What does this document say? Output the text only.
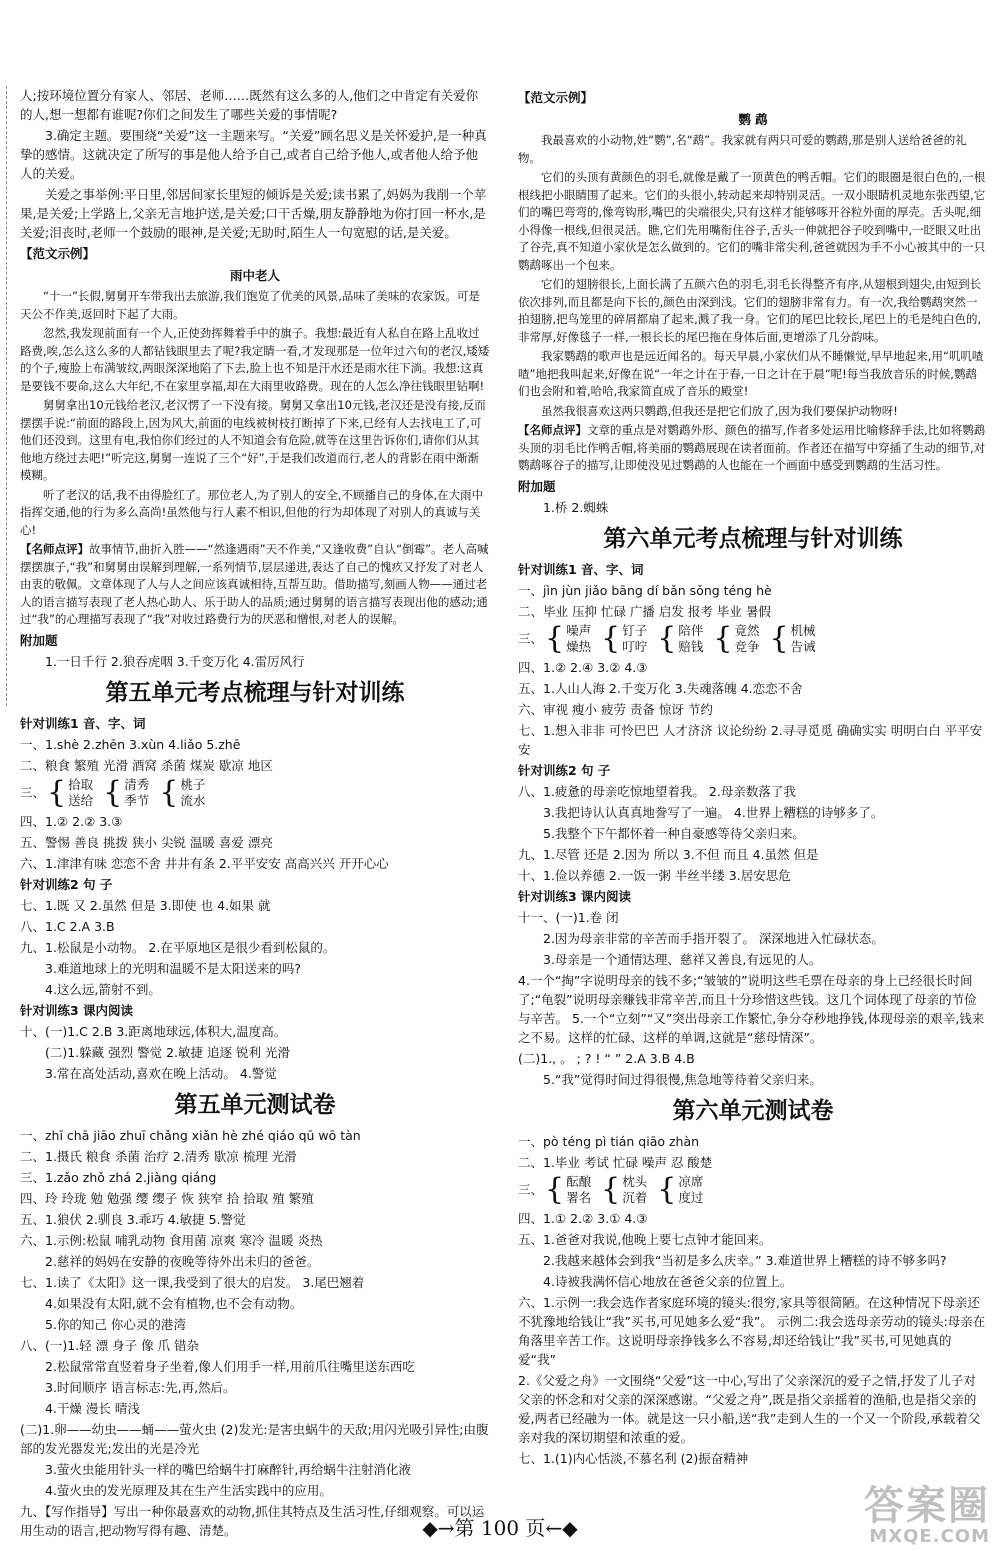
人;按环境位置分有家人、邻居、老师……既然有这么多的人,他们之中肯定有关爱你的人,想一想都有谁呢?你们之间发生了哪些关爱的事情呢?

3.确定主题。要围绕“关爱”这一主题来写。“关爱”顾名思义是关怀爱护,是一种真挚的感情。这就决定了所写的事是他人给予自己,或者自己给予他人,或者他人给予他人的关爱。

关爱之事举例:平日里,邻居间家长里短的倾诉是关爱;读书累了,妈妈为我削一个苹果,是关爱;上学路上,父亲无言地护送,是关爱;口干舌燥,朋友静静地为你打回一杯水,是关爱;泪丧时,老师一个鼓励的眼神,是关爱;无助时,陌生人一句宽慰的话,是关爱。

【范文示例】
雨中老人

“十一”长假,舅舅开车带我出去旅游,我们饱览了优美的风景,品味了美味的农家饭。可是天公不作美,返回时下起了大雨。

忽然,我发现前面有一个人,正使劲挥舞着手中的旗子。我想:最近有人私自在路上乱收过路费,唉,怎么这么多的人都钻钱眼里去了呢?我定睛一看,才发现那是一位年过六旬的老汉,矮矮的个子,瘦脸上布满皱纹,两眼深深地陷了下去,脸上也不知是汗水还是雨水往下淌。我想:这真是要钱不要命,这么大年纪,不在家里享福,却在大雨里收路费。现在的人怎么净往钱眼里钻啊!

舅舅拿出10元钱给老汉,老汉愣了一下没有接。舅舅又拿出10元钱,老汉还是没有接,反而摆摆手说:“前面的路段上,因为风大,前面的电线被树枝打断掉了下来,已经有人去找电工了,可他们还没到。这里有电,我怕你们经过的人不知道会有危险,就等在这里告诉你们,请你们从其他地方绕过去吧!”听完这,舅舅一连说了三个“好”,于是我们改道而行,老人的背影在雨中渐渐模糊。

听了老汉的话,我不由得脸红了。那位老人,为了别人的安全,不顾播自己的身体,在大雨中指挥交通,他的行为多么高尚!虽然他与行人素不相识,但他的行为却体现了对别人的真诚与关心!

【名师点评】故事情节,曲折入胜——“然逢遇雨”天不作美,“又逢收费”自认“倒霉”。老人高喊摆摆旗子,“我”和舅舅由误解到理解,一系列情节,层层递进,表达了自己的愧疚又抒发了对老人由衷的敬佩。文章体现了人与人之间应该真诚相待,互帮互助。借助描写,刻画人物——通过老人的语言描写表现了老人热心助人、乐于助人的品质;通过舅舅的语言描写表现出他的感动;通过“我”的心理描写表现了“我”对收过路费行为的厌恶和憎恨,对老人的误解。

附加题
1.一日千行 2.狼吞虎咽 3.千变万化 4.雷厉风行
第五单元考点梳理与针对训练
针对训练1 音、字、词
一、1.shè 2.zhēn 3.xùn 4.liǎo 5.zhē
二、粮食 繁殖 光滑 酒窝 杀菌 煤炭 歇凉 地区
三、 { 拾取
送给 { 清秀
季节 { 桃子
流水
四、1.② 2.② 3.③
五、警惕 善良 挑拨 狭小 尖锐 温暖 喜爱 漂亮
六、1.津津有味 恋恋不舍 井井有条 2.平平安安 高高兴兴 开开心心
针对训练2 句 子
七、1.既 又 2.虽然 但是 3.即使 也 4.如果 就
八、1.C 2.A 3.B
九、1.松鼠是小动物。 2.在平原地区是很少看到松鼠的。
3.难道地球上的光明和温暖不是太阳送来的吗?
4.这么远,箭射不到。
针对训练3 课内阅读
十、(一)1.C 2.B 3.距离地球远,体积大,温度高。
(二)1.躲藏 强烈 警觉 2.敏捷 追逐 锐利 光滑
3.常在高处活动,喜欢在晚上活动。 4.警觉
第五单元测试卷
一、zhī chā jiāo zhuī chǎng xiǎn hè zhé qiáo qū wō tàn
二、1.摄氏 粮食 杀菌 治疗 2.清秀 歇凉 梳理 光滑
三、1.zǎo zhǒ zhá 2.jiàng qiáng
四、玲 玲珑 勉 勉强 缨 缨子 恢 狭窄 拾 拾取 殖 繁殖
五、1.狼伏 2.驯良 3.乖巧 4.敏捷 5.警觉
六、1.示例:松鼠 哺乳动物 食用菌 凉爽 寒冷 温暖 炎热
2.慈祥的妈妈在安静的夜晚等待外出未归的爸爸。
七、1.读了《太阳》这一课,我受到了很大的启发。 3.尾巴翘着
4.如果没有太阳,就不会有植物,也不会有动物。
5.你的知己 你心灵的港湾
八、(一)1.轻 漂 身子 像 爪 错杂
2.松鼠常常直竖着身子坐着,像人们用手一样,用前爪往嘴里送东西吃
3.时间顺序 语言标志:先,再,然后。
4.干燥 漫长 晴浅
(二)1.卵——幼虫——蛹——萤火虫 (2)发光:是害虫蜗牛的天敌;用闪光吸引异性;由腹部的发光器发光;发出的光是冷光
3.萤火虫能用针头一样的嘴巴给蜗牛打麻醉针,再给蜗牛注射消化液
4.萤火虫的发光原理及其在生产生活实践中的应用。
九、【写作指导】写出一种你最喜欢的动物,抓住其特点及生活习性,仔细观察。可以运用生动的语言,把动物写得有趣、清楚。
【范文示例】
鹦 鹉

我最喜欢的小动物,姓“鹦”,名“鹉”。我家就有两只可爱的鹦鹉,那是别人送给爸爸的礼物。

它们的头顶有黄颜色的羽毛,就像是戴了一顶黄色的鸭舌帽。它们的眼圈是很白色的,一根根线把小眼睛围了起来。它们的头很小,转动起来却特别灵活。一双小眼睛机灵地东张西望,它们的嘴巴弯弯的,像弯钩形,嘴巴的尖端很尖,只有这样才能够啄开谷粒外面的厚壳。舌头呢,细小得像一根线,但很灵活。瞧,它们先用嘴衔住谷子,舌头一伸就把谷子咬到嘴中,一眨眼又吐出了谷壳,真不知道小家伙是怎么做到的。它们的嘴非常尖利,爸爸就因为手不小心被其中的一只鹦鹉啄出一个包来。

它们的翅膀很长,上面长满了五颜六色的羽毛,羽毛长得整齐有序,从翅根到翅尖,由短到长依次排列,而且都是向下长的,颜色由深到浅。它们的翅膀非常有力。有一次,我给鹦鹉突然一拍翅膀,把鸟笼里的碎屑都扇了起来,溅了我一身。它们的尾巴比较长,尾巴上的毛是纯白色的,非常厚,好像毯子一样,一根长长的尾巴拖在身体后面,更增添了几分韵味。

我家鹦鹉的歌声也是远近闻名的。每天早晨,小家伙们从不睡懒觉,早早地起来,用“叽叽喳喳”地把我叫起来,好像在说“一年之计在于春,一日之计在于晨”呢!每当我放音乐的时候,鹦鹉们也会附和着,哈哈,我家简直成了音乐的殿堂!

虽然我很喜欢这两只鹦鹉,但我还是把它们放了,因为我们要保护动物呀!

【名师点评】文章的重点是对鹦鹉外形、颜色的描写,作者多处运用比喻修辞手法,比如将鹦鹉头顶的羽毛比作鸭舌帽,将美丽的鹦鹉展现在读者面前。作者还在描写中穿插了生动的细节,对鹦鹉啄谷子的描写,让即使没见过鹦鹉的人也能在一个画面中感受到鹦鹉的生活习性。

附加题
1.桥 2.蜘蛛
第六单元考点梳理与针对训练
针对训练1 音、字、词
一、jìn jùn jiǎo bāng dí bǎn sǒng téng hè
二、毕业 压抑 忙碌 广播 启发 报考 毕业 暑假
三、 { 噪声
燥热 { 钉子
叮咛 { 陪伴
赔钱 { 竟然
竞争 { 机械
告诫
四、1.② 2.④ 3.② 4.③
五、1.人山人海 2.千变万化 3.失魂落魄 4.恋恋不舍
六、审视 瘦小 疲劳 责备 惊讶 节约
七、1.想入非非 可怜巴巴 人才济济 议论纷纷 2.寻寻觅觅 确确实实 明明白白 平平安安
针对训练2 句 子
八、1.疲惫的母亲吃惊地望着我。 2.母亲数落了我
3.我把诗认认真真地誊写了一遍。 4.世界上糟糕的诗够多了。
5.我整个下午都怀着一种自豪感等待父亲归来。
九、1.尽管 还是 2.因为 所以 3.不但 而且 4.虽然 但是
十、1.俭以养德 2.一饭一粥 半丝半缕 3.居安思危
针对训练3 课内阅读
十一、(一)1.卷 闭
2.因为母亲非常的辛苦而手指开裂了。 深深地进入忙碌状态。
3.母亲是一个通情达理、慈祥又善良,有远见的人。
4.一个“掏”字说明母亲的钱不多;“皱皱的”说明这些毛票在母亲的身上已经很长时间了;“龟裂”说明母亲赚钱非常辛苦,而且十分珍惜这些钱。这几个词体现了母亲的节俭与辛苦。 5.一个“立刻”“又”突出母亲工作繁忙,争分夺秒地挣钱,体现母亲的艰辛,钱来之不易。这样的忙碌、这样的单调,这就是“慈母情深”。
(二)1., 。 ; ? ! “ ” 2.A 3.B 4.B
5.“我”觉得时间过得很慢,焦急地等待着父亲归来。
第六单元测试卷
一、pò téng pì tián qiāo zhàn
二、1.毕业 考试 忙碌 噪声 忍 酸楚
三、 { 酝酿
署名 { 枕头
沉着 { 凉席
度过
四、1.① 2.② 3.① 4.③
五、1.爸爸对我说,他晚上要七点钟才能回来。
2.我越来越体会到我“当初是多么庆幸。” 3.难道世界上糟糕的诗不够多吗?
4.诗被我满怀信心地放在爸爸父亲的位置上。
六、1.示例一:我会选作者家庭环境的镜头:很穷,家具等很简陋。在这种情况下母亲还不犹豫地给钱让“我”买书,可见她多么爱“我”。 示例二:我会选母亲劳动的镜头:母亲在角落里辛苦工作。这说明母亲挣钱多么不容易,却还给钱让“我”买书,可见她真的爱“我”
2.《父爱之舟》一文围绕“父爱”这一中心,写出了父亲深沉的爱子之情,抒发了儿子对父亲的怀念和对父亲的深深感谢。“父爱之舟”,既是指父亲摇着的渔船,也是指父亲的爱,两者已经融为一体。就是这一只小船,送“我”走到人生的一个又一个阶段,承载着父亲对我的深切期望和浓重的爱。
七、1.(1)内心恬淡,不慕名利 (2)振奋精神
◆→第 100 页←◆	答案圈
MXQE.COM
